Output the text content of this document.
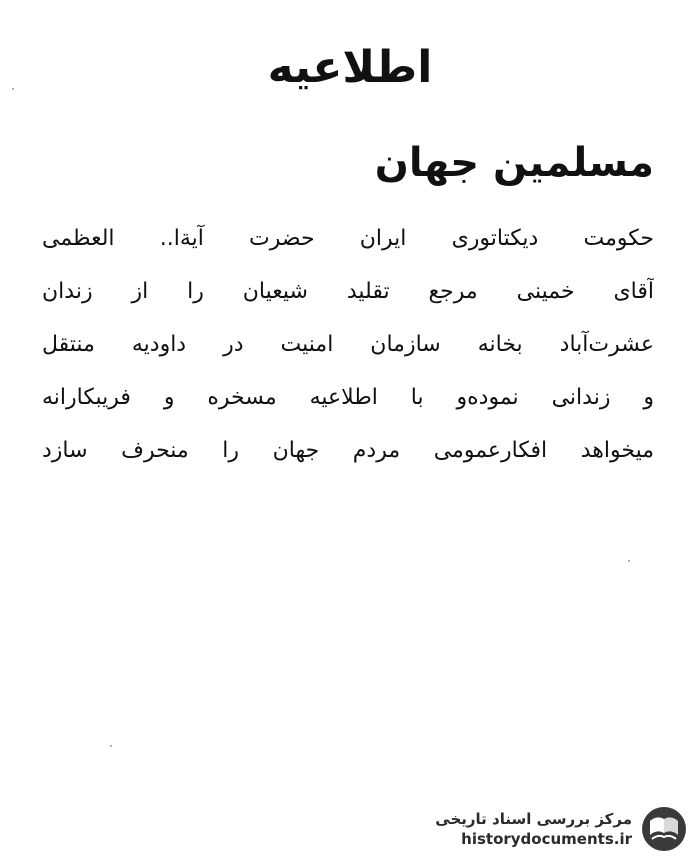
اطلاعیه
مسلمین جهان
حکومت دیکتاتوری ایران حضرت آیةا.. العظمی
آقای خمینی مرجع تقلید شیعیان را از زندان
عشرت‌آباد بخانه سازمان امنیت در داودیه منتقل
و زندانی نموده‌و با اطلاعیه مسخره و فریبکارانه
میخواهد افکارعمومی مردم جهان را منحرف سازد
مرکز بررسی اسناد تاریخی
historydocuments.ir
